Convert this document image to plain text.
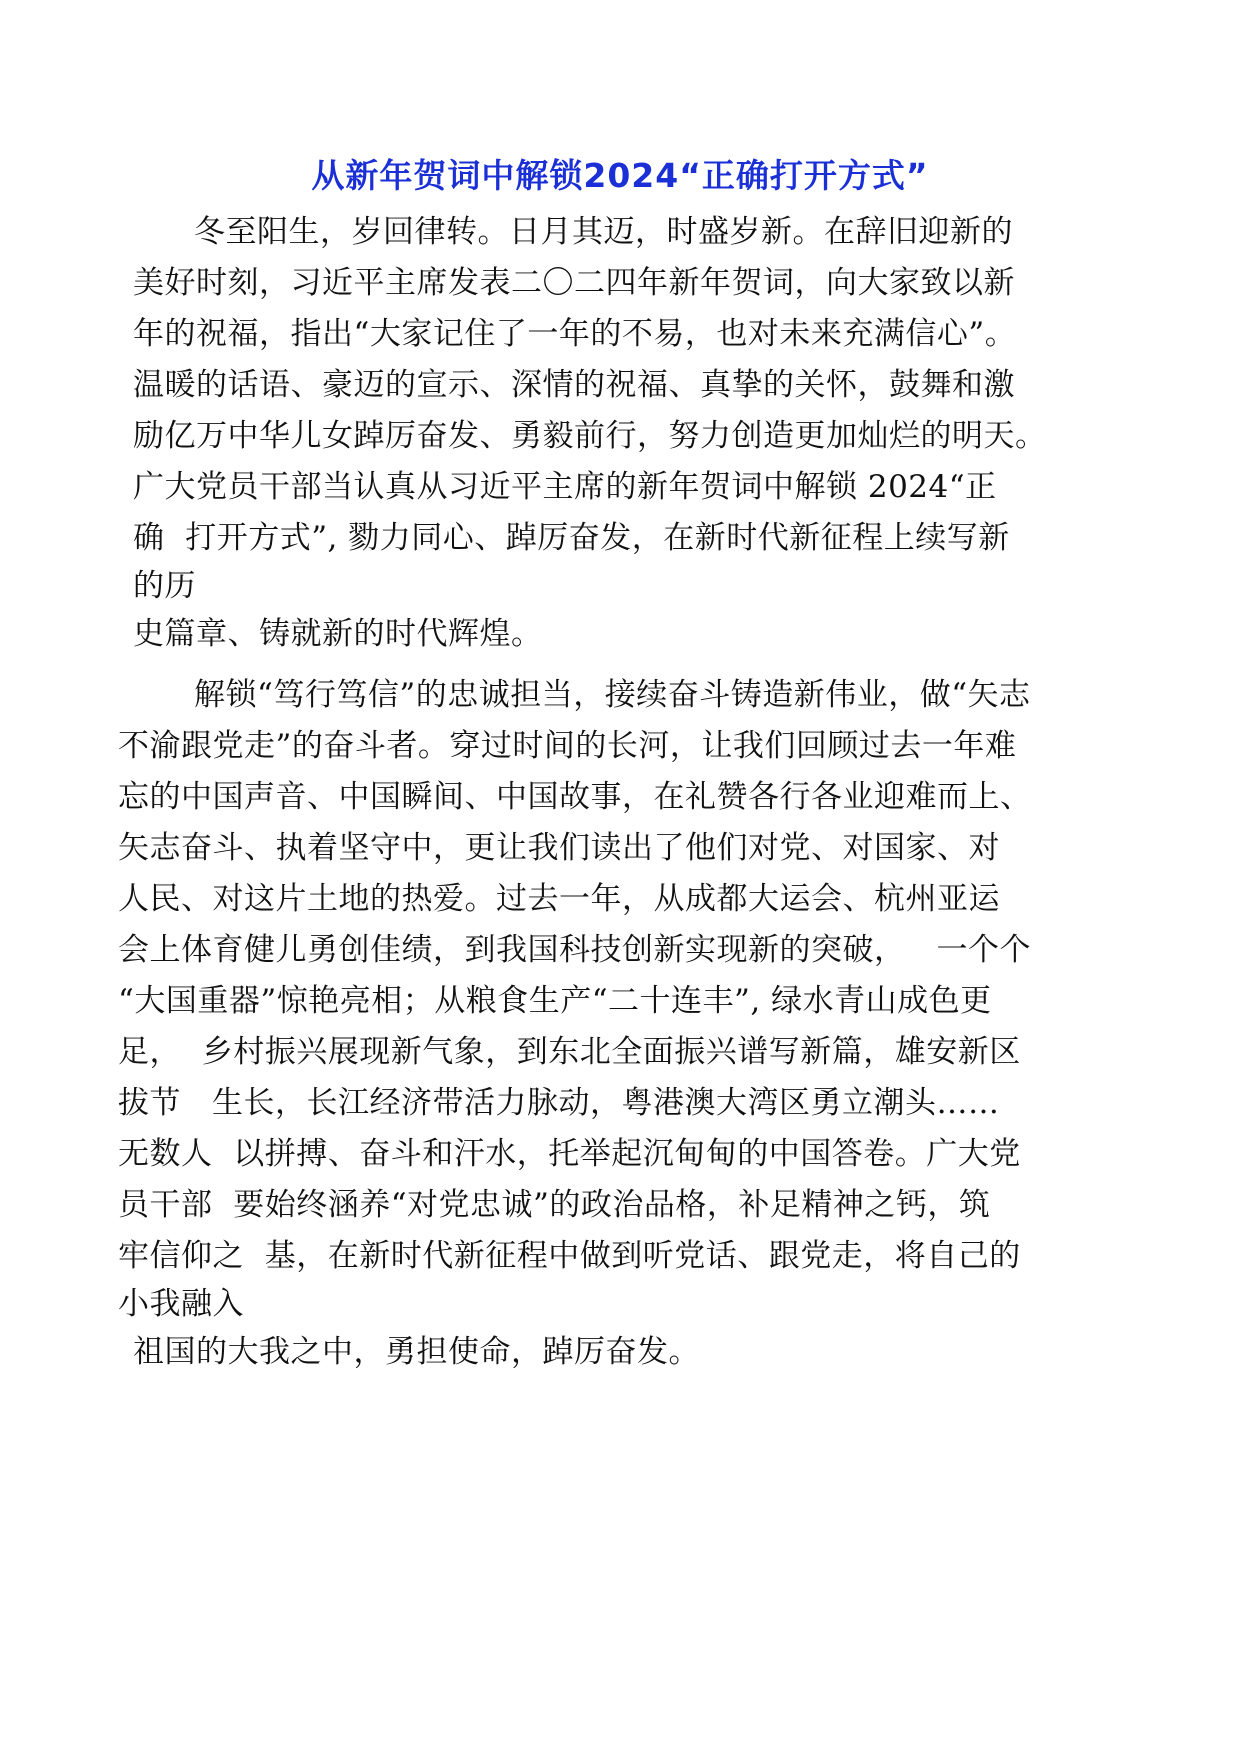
从新年贺词中解锁2024“正确打开方式”

冬至阳生，岁回律转。日月其迈，时盛岁新。在辞旧迎新的

美好时刻，习近平主席发表二〇二四年新年贺词，向大家致以新

年的祝福，指出“大家记住了一年的不易，也对未来充满信心”。

温暖的话语、豪迈的宣示、深情的祝福、真挚的关怀，鼓舞和激

励亿万中华儿女踔厉奋发、勇毅前行，努力创造更加灿烂的明天。

广大党员干部当认真从习近平主席的新年贺词中解锁 2024“正

确  打开方式”, 勠力同心、踔厉奋发，在新时代新征程上续写新

的历

史篇章、铸就新的时代辉煌。

解锁“笃行笃信”的忠诚担当，接续奋斗铸造新伟业，做“矢志

不渝跟党走”的奋斗者。穿过时间的长河，让我们回顾过去一年难

忘的中国声音、中国瞬间、中国故事，在礼赞各行各业迎难而上、

矢志奋斗、执着坚守中，更让我们读出了他们对党、对国家、对

人民、对这片土地的热爱。过去一年，从成都大运会、杭州亚运

会上体育健儿勇创佳绩，到我国科技创新实现新的突破，   一个个

“大国重器”惊艳亮相；从粮食生产“二十连丰”, 绿水青山成色更

足，  乡村振兴展现新气象，到东北全面振兴谱写新篇，雄安新区

拔节   生长，长江经济带活力脉动，粤港澳大湾区勇立潮头……

无数人  以拼搏、奋斗和汗水，托举起沉甸甸的中国答卷。广大党

员干部  要始终涵养“对党忠诚”的政治品格，补足精神之钙，筑

牢信仰之  基，在新时代新征程中做到听党话、跟党走，将自己的

小我融入

祖国的大我之中，勇担使命，踔厉奋发。
